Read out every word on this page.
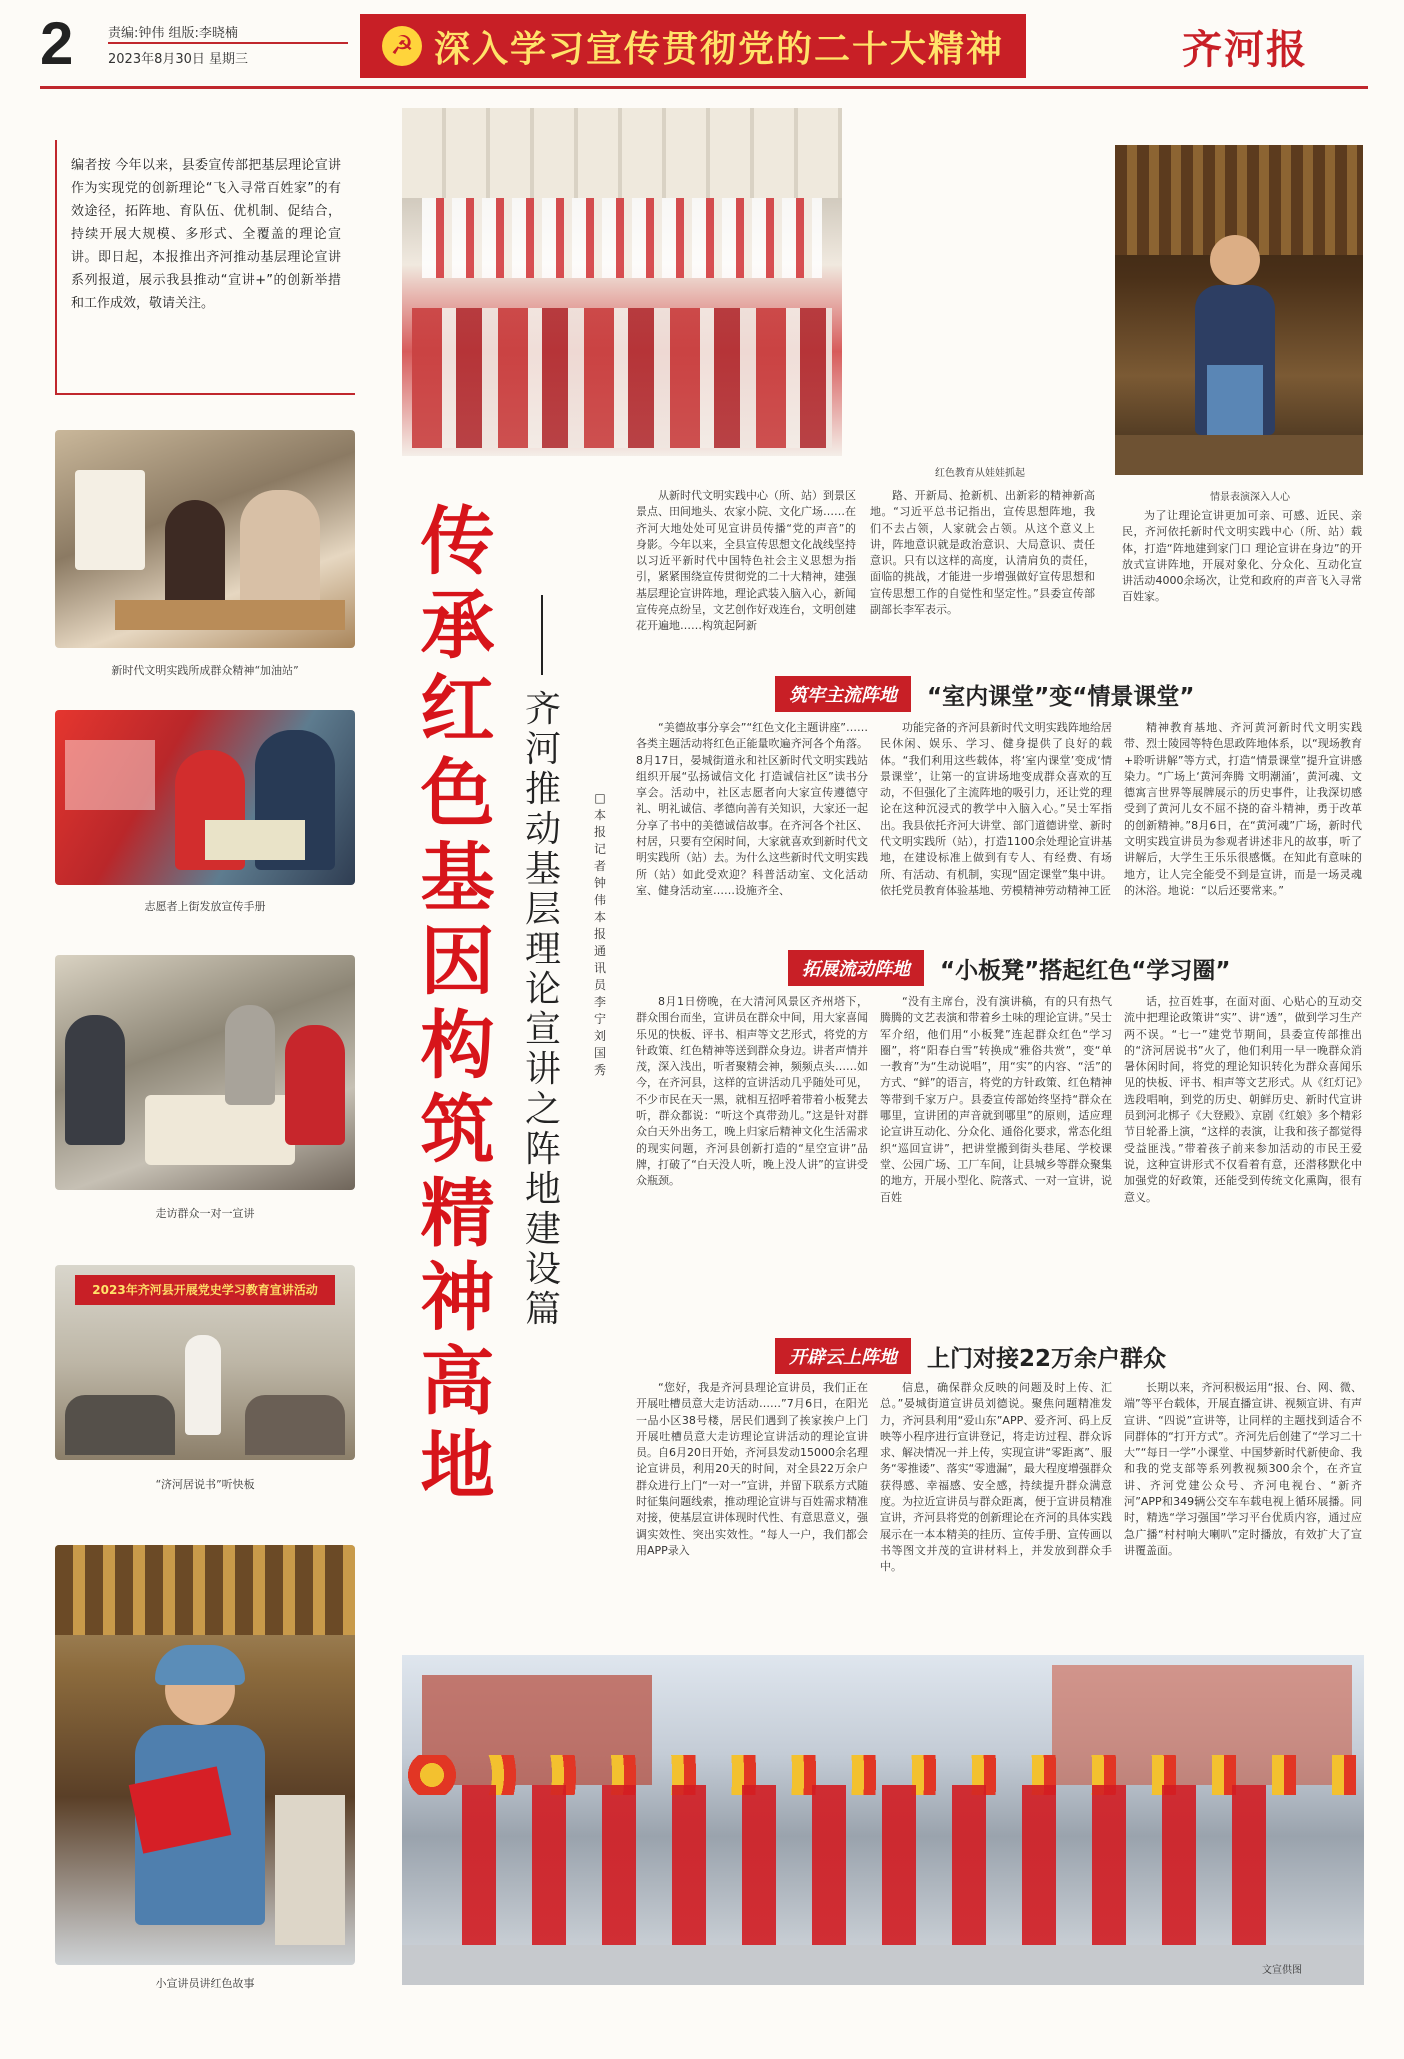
2	责编:钟伟 组版:李晓楠
2023年8月30日 星期三	☭ 深入学习宣传贯彻党的二十大精神	齐河报
编者按 今年以来，县委宣传部把基层理论宣讲作为实现党的创新理论“飞入寻常百姓家”的有效途径，拓阵地、育队伍、优机制、促结合，持续开展大规模、多形式、全覆盖的理论宣讲。即日起，本报推出齐河推动基层理论宣讲系列报道，展示我县推动“宣讲+”的创新举措和工作成效，敬请关注。
新时代文明实践所成群众精神“加油站”
志愿者上街发放宣传手册
走访群众一对一宣讲
2023年齐河县开展党史学习教育宣讲活动
“济河居说书”听快板
小宣讲员讲红色故事
红色教育从娃娃抓起
情景表演深入人心
传承红色基因 构筑精神高地
齐河推动基层理论宣讲之阵地建设篇
□本报记者 钟伟 本报通讯员 李宁 刘国秀

从新时代文明实践中心（所、站）到景区景点、田间地头、农家小院、文化广场……在齐河大地处处可见宣讲员传播“党的声音”的身影。今年以来，全县宣传思想文化战线坚持以习近平新时代中国特色社会主义思想为指引，紧紧围绕宣传贯彻党的二十大精神，建强基层理论宣讲阵地，理论武装入脑入心，新闻宣传亮点纷呈，文艺创作好戏连台，文明创建花开遍地……构筑起阿新

路、开新局、抢新机、出新彩的精神新高地。“习近平总书记指出，宣传思想阵地，我们不去占领，人家就会占领。从这个意义上讲，阵地意识就是政治意识、大局意识、责任意识。只有以这样的高度，认清肩负的责任，面临的挑战，才能进一步增强做好宣传思想和宣传思想工作的自觉性和坚定性。”县委宣传部副部长李军表示。

为了让理论宣讲更加可亲、可感、近民、亲民，齐河依托新时代文明实践中心（所、站）载体，打造“阵地建到家门口 理论宣讲在身边”的开放式宣讲阵地，开展对象化、分众化、互动化宣讲活动4000余场次，让党和政府的声音飞入寻常百姓家。

筑牢主流阵地	“室内课堂”变“情景课堂”

“美德故事分享会”“红色文化主题讲座”……各类主题活动将红色正能量吹遍齐河各个角落。8月17日，晏城街道永和社区新时代文明实践站组织开展“弘扬诚信文化 打造诚信社区”读书分享会。活动中，社区志愿者向大家宣传遵德守礼、明礼诚信、孝德向善有关知识，大家还一起分享了书中的美德诚信故事。在齐河各个社区、村居，只要有空闲时间，大家就喜欢到新时代文明实践所（站）去。为什么这些新时代文明实践所（站）如此受欢迎？科普活动室、文化活动室、健身活动室……设施齐全、

功能完备的齐河县新时代文明实践阵地给居民休闲、娱乐、学习、健身提供了良好的载体。“我们利用这些载体，将‘室内课堂’变成‘情景课堂’，让第一的宣讲场地变成群众喜欢的互动，不但强化了主流阵地的吸引力，还让党的理论在这种沉浸式的教学中入脑入心。”吴士军指出。我县依托齐河大讲堂、部门道德讲堂、新时代文明实践所（站），打造1100余处理论宣讲基地，在建设标准上做到有专人、有经费、有场所、有活动、有机制，实现“固定课堂”集中讲。依托党员教育体验基地、劳模精神劳动精神工匠

精神教育基地、齐河黄河新时代文明实践带、烈士陵园等特色思政阵地体系，以“现场教育+聆听讲解”等方式，打造“情景课堂”提升宣讲感染力。“广场上‘黄河奔腾 文明潮涌’，黄河魂、文德寓言世界等展牌展示的历史事件，让我深切感受到了黄河儿女不屈不挠的奋斗精神，勇于改革的创新精神。”8月6日，在“黄河魂”广场，新时代文明实践宣讲员为参观者讲述非凡的故事，听了讲解后，大学生王乐乐很感慨。在知此有意味的地方，让人完全能受不到是宣讲，而是一场灵魂的沐浴。地说：“以后还要常来。”

拓展流动阵地	“小板凳”搭起红色“学习圈”

8月1日傍晚，在大清河风景区齐州塔下，群众围台而坐，宣讲员在群众中间，用大家喜闻乐见的快板、评书、相声等文艺形式，将党的方针政策、红色精神等送到群众身边。讲者声情并茂，深入浅出，听者聚精会神，频频点头……如今，在齐河县，这样的宣讲活动几乎随处可见，不少市民在天一黑，就相互招呼着带着小板凳去听，群众都说：“听这个真带劲儿。”这是针对群众白天外出务工，晚上归家后精神文化生活需求的现实问题，齐河县创新打造的“星空宣讲”品牌，打破了“白天没人听，晚上没人讲”的宣讲受众瓶颈。

“没有主席台，没有演讲稿，有的只有热气腾腾的文艺表演和带着乡土味的理论宣讲。”吴士军介绍，他们用“小板凳”连起群众红色“学习圈”，将“阳春白雪”转换成“雅俗共赏”，变“单一教育”为“生动说唱”，用“实”的内容、“活”的方式、“鲜”的语言，将党的方针政策、红色精神等带到千家万户。县委宣传部始终坚持“群众在哪里，宣讲团的声音就到哪里”的原则，适应理论宣讲互动化、分众化、通俗化要求，常态化组织“巡回宣讲”，把讲堂搬到街头巷尾、学校课堂、公园广场、工厂车间，让县城乡等群众聚集的地方，开展小型化、院落式、一对一宣讲，说百姓

话，拉百姓事，在面对面、心贴心的互动交流中把理论政策讲“实”、讲“透”，做到学习生产两不误。“七一”建党节期间，县委宣传部推出的“济河居说书”火了，他们利用一早一晚群众消暑休闲时间，将党的理论知识转化为群众喜闻乐见的快板、评书、相声等文艺形式。从《红灯记》选段唱响，到党的历史、朝鲜历史、新时代宣讲员到河北梆子《大登殿》、京剧《红娘》多个精彩节目轮番上演，“这样的表演，让我和孩子都觉得受益匪浅。”带着孩子前来参加活动的市民王爱说，这种宣讲形式不仅看着有意，还潜移默化中加强党的好政策，还能受到传统文化熏陶，很有意义。

开辟云上阵地	上门对接22万余户群众

“您好，我是齐河县理论宣讲员，我们正在开展吐槽员意大走访活动……”7月6日，在阳光一品小区38号楼，居民们遇到了挨家挨户上门开展吐槽员意大走访理论宣讲活动的理论宣讲员。自6月20日开始，齐河县发动15000余名理论宣讲员，利用20天的时间，对全县22万余户群众进行上门“一对一”宣讲，并留下联系方式随时征集问题线索，推动理论宣讲与百姓需求精准对接，使基层宣讲体现时代性、有意思意义，强调实效性、突出实效性。“每人一户，我们都会用APP录入

信息，确保群众反映的问题及时上传、汇总。”晏城街道宣讲员刘德说。聚焦问题精准发力，齐河县利用“爱山东”APP、爱齐河、码上反映等小程序进行宣讲登记，将走访过程、群众诉求、解决情况一并上传，实现宣讲“零距离”、服务“零推诿”、落实“零遗漏”，最大程度增强群众获得感、幸福感、安全感，持续提升群众满意度。为拉近宣讲员与群众距离，便于宣讲员精准宣讲，齐河县将党的创新理论在齐河的具体实践展示在一本本精美的挂历、宣传手册、宣传画以书等图文并茂的宣讲材料上，并发放到群众手中。

长期以来，齐河积极运用“报、台、网、微、端”等平台载体，开展直播宣讲、视频宣讲、有声宣讲、“四说”宣讲等，让同样的主题找到适合不同群体的“打开方式”。齐河先后创建了“学习二十大”“每日一学”小课堂、中国梦新时代新使命、我和我的党支部等系列教视频300余个，在齐宣讲、齐河党建公众号、齐河电视台、“新齐河”APP和349辆公交车车载电视上循环展播。同时，精选“学习强国”学习平台优质内容，通过应急广播“村村响大喇叭”定时播放，有效扩大了宣讲覆盖面。

文宣供图
